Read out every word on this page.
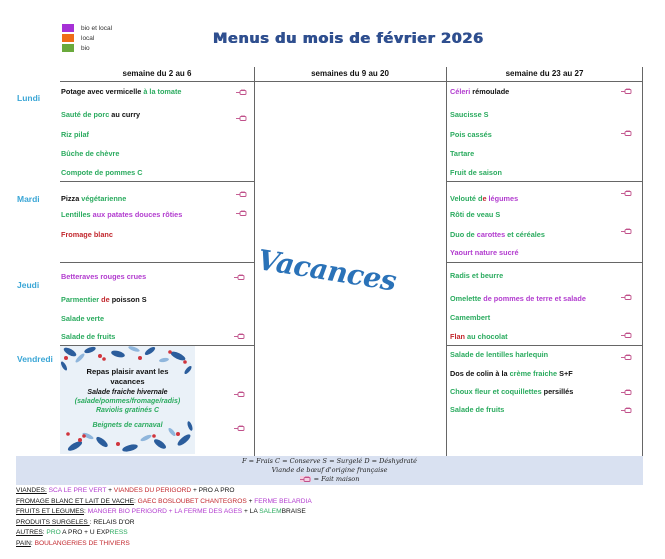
bio et local
local
bio
Menus du mois de février 2026
semaine du 2 au 6	semaines du 9 au 20	semaine du 23 au 27
Lundi
Mardi
Jeudi
Vendredi
Potage avec vermicelle à la tomate
Sauté de porc au curry
Riz pilaf
Bûche de chèvre
Compote de pommes C
Pizza végétarienne
Lentilles aux patates douces rôties
Fromage blanc
Betteraves rouges crues
Parmentier de poisson S
Salade verte
Salade de fruits
Repas plaisir avant les
vacances
Salade fraiche hivernale
(salade/pommes/fromage/radis)
Raviolis gratinés C
Beignets de carnaval
Vacances
Céleri rémoulade
Saucisse S
Pois cassés
Tartare
Fruit de saison
Velouté de légumes
Rôti de veau S
Duo de carottes et céréales
Yaourt nature sucré
Radis et beurre
Omelette de pommes de terre et salade
Camembert
Flan au chocolat
Salade de lentilles harlequin
Dos de colin à la crème fraiche S+F
Choux fleur et coquillettes persillés
Salade de fruits
F = Frais C = Conserve S = Surgelé D = Déshydraté
Viande de bœuf d'origine française
= Fait maison
VIANDES: SCA LE PRE VERT + VIANDES DU PERIGORD + PRO A PRO
FROMAGE BLANC ET LAIT DE VACHE: GAEC BOSLOUBET CHANTEGROS + FERME BELARDIA
FRUITS ET LEGUMES: MANGER BIO PERIGORD + LA FERME DES AGES + LA SALEMBRAISE
PRODUITS SURGELES : RELAIS D'OR
AUTRES: PRO A PRO + U EXPRESS
PAIN: BOULANGERIES DE THIVIERS
